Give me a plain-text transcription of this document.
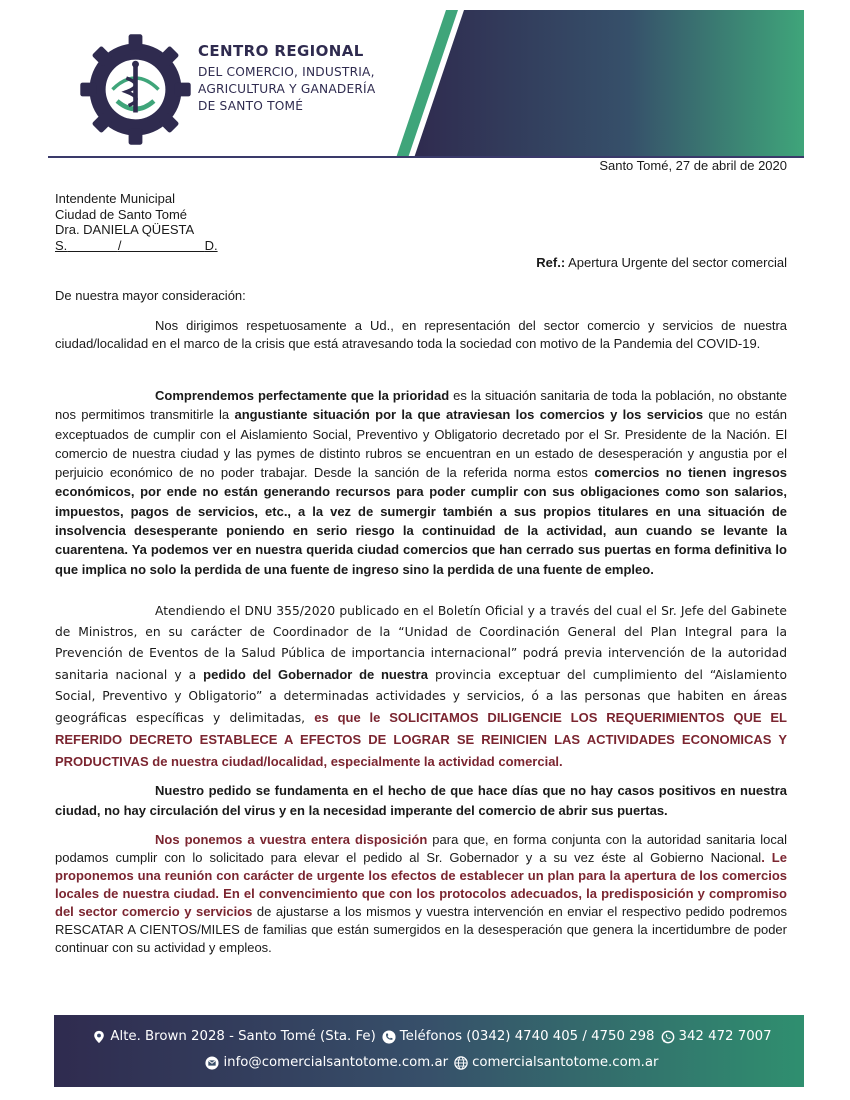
CENTRO REGIONAL
DEL COMERCIO, INDUSTRIA,
AGRICULTURA Y GANADERÍA
DE SANTO TOMÉ
Santo Tomé, 27 de abril de 2020
Intendente Municipal
Ciudad de Santo Tomé
Dra. DANIELA QÜESTA
S.	/	D.
Ref.: Apertura Urgente del sector comercial
De nuestra mayor consideración:

Nos dirigimos respetuosamente a Ud., en representación del sector comercio y servicios de nuestra ciudad/localidad en el marco de la crisis que está atravesando toda la sociedad con motivo de la Pandemia del COVID-19.

Comprendemos perfectamente que la prioridad es la situación sanitaria de toda la población, no obstante nos permitimos transmitirle la angustiante situación por la que atraviesan los comercios y los servicios que no están exceptuados de cumplir con el Aislamiento Social, Preventivo y Obligatorio decretado por el Sr. Presidente de la Nación. El comercio de nuestra ciudad y las pymes de distinto rubros se encuentran en un estado de desesperación y angustia por el perjuicio económico de no poder trabajar. Desde la sanción de la referida norma estos comercios no tienen ingresos económicos, por ende no están generando recursos para poder cumplir con sus obligaciones como son salarios, impuestos, pagos de servicios, etc., a la vez de sumergir también a sus propios titulares en una situación de insolvencia desesperante poniendo en serio riesgo la continuidad de la actividad, aun cuando se levante la cuarentena. Ya podemos ver en nuestra querida ciudad comercios que han cerrado sus puertas en forma definitiva lo que implica no solo la perdida de una fuente de ingreso sino la perdida de una fuente de empleo.

Atendiendo el DNU 355/2020 publicado en el Boletín Oficial y a través del cual el Sr. Jefe del Gabinete de Ministros, en su carácter de Coordinador de la “Unidad de Coordinación General del Plan Integral para la Prevención de Eventos de la Salud Pública de importancia internacional” podrá previa intervención de la autoridad sanitaria nacional y a pedido del Gobernador de nuestra provincia exceptuar del cumplimiento del “Aislamiento Social, Preventivo y Obligatorio” a determinadas actividades y servicios, ó a las personas que habiten en áreas geográficas específicas y delimitadas, es que le SOLICITAMOS DILIGENCIE LOS REQUERIMIENTOS QUE EL REFERIDO DECRETO ESTABLECE A EFECTOS DE LOGRAR SE REINICIEN LAS ACTIVIDADES ECONOMICAS Y PRODUCTIVAS de nuestra ciudad/localidad, especialmente la actividad comercial.

Nuestro pedido se fundamenta en el hecho de que hace días que no hay casos positivos en nuestra ciudad, no hay circulación del virus y en la necesidad imperante del comercio de abrir sus puertas.

Nos ponemos a vuestra entera disposición para que, en forma conjunta con la autoridad sanitaria local podamos cumplir con lo solicitado para elevar el pedido al Sr. Gobernador y a su vez éste al Gobierno Nacional. Le proponemos una reunión con carácter de urgente los efectos de establecer un plan para la apertura de los comercios locales de nuestra ciudad. En el convencimiento que con los protocolos adecuados, la predisposición y compromiso del sector comercio y servicios de ajustarse a los mismos y vuestra intervención en enviar el respectivo pedido podremos RESCATAR A CIENTOS/MILES de familias que están sumergidos en la desesperación que genera la incertidumbre de poder continuar con su actividad y empleos.

Alte. Brown 2028 - Santo Tomé (Sta. Fe) Teléfonos (0342) 4740 405 / 4750 298 342 472 7007
info@comercialsantotome.com.ar comercialsantotome.com.ar
